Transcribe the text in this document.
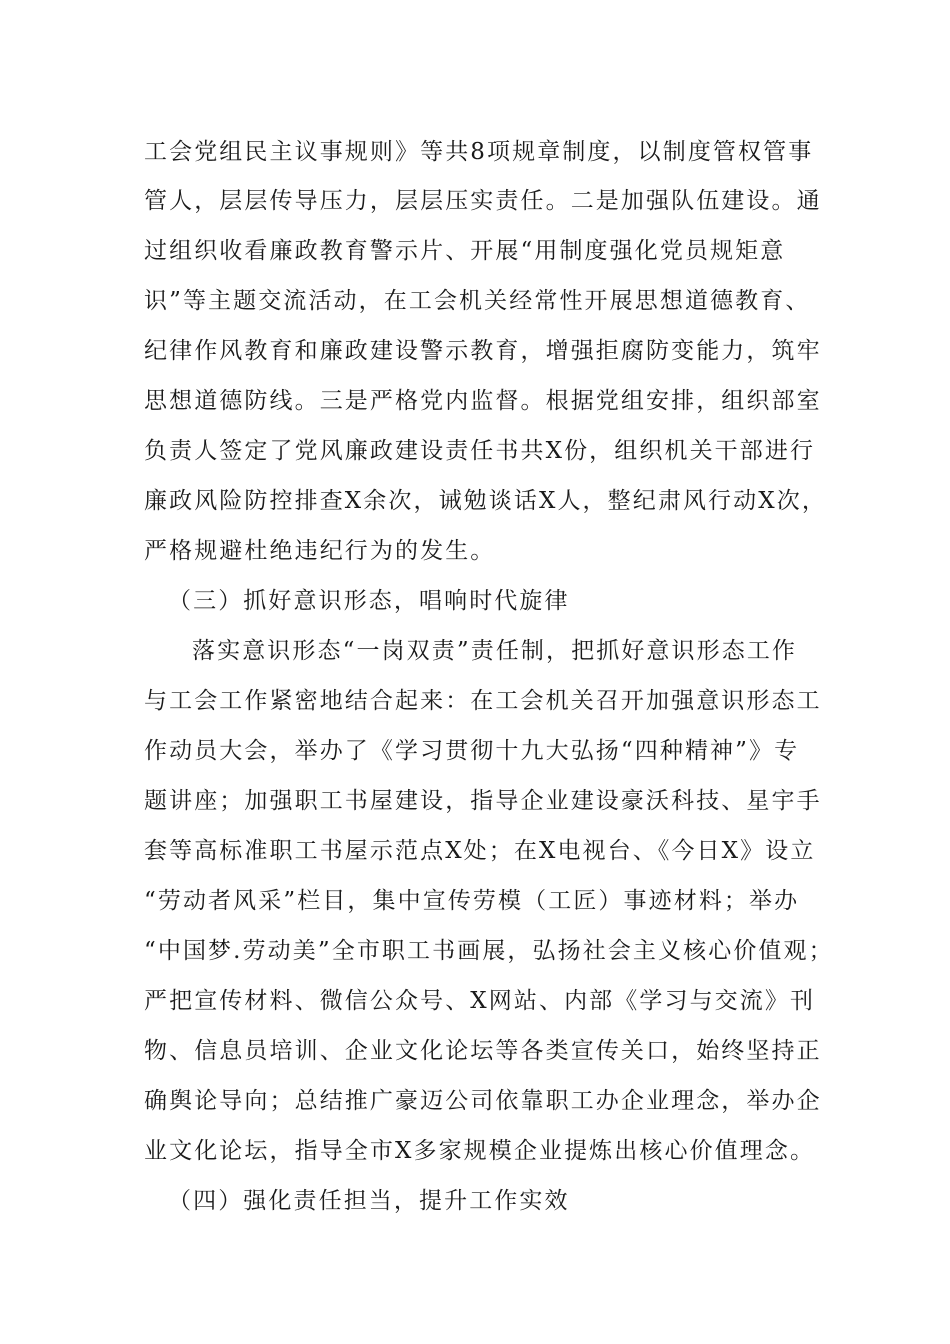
工会党组民主议事规则》等共8项规章制度，以制度管权管事
管人，层层传导压力，层层压实责任。二是加强队伍建设。通
过组织收看廉政教育警示片、开展“用制度强化党员规矩意
识”等主题交流活动，在工会机关经常性开展思想道德教育、
纪律作风教育和廉政建设警示教育，增强拒腐防变能力，筑牢
思想道德防线。三是严格党内监督。根据党组安排，组织部室
负责人签定了党风廉政建设责任书共X份，组织机关干部进行
廉政风险防控排查X余次，诫勉谈话X人，整纪肃风行动X次，
严格规避杜绝违纪行为的发生。
（三）抓好意识形态，唱响时代旋律
落实意识形态“一岗双责”责任制，把抓好意识形态工作
与工会工作紧密地结合起来：在工会机关召开加强意识形态工
作动员大会，举办了《学习贯彻十九大弘扬“四种精神”》专
题讲座；加强职工书屋建设，指导企业建设豪沃科技、星宇手
套等高标准职工书屋示范点X处；在X电视台、《今日X》设立
“劳动者风采”栏目，集中宣传劳模（工匠）事迹材料；举办
“中国梦.劳动美”全市职工书画展，弘扬社会主义核心价值观；
严把宣传材料、微信公众号、X网站、内部《学习与交流》刊
物、信息员培训、企业文化论坛等各类宣传关口，始终坚持正
确舆论导向；总结推广豪迈公司依靠职工办企业理念，举办企
业文化论坛，指导全市X多家规模企业提炼出核心价值理念。
（四）强化责任担当，提升工作实效
